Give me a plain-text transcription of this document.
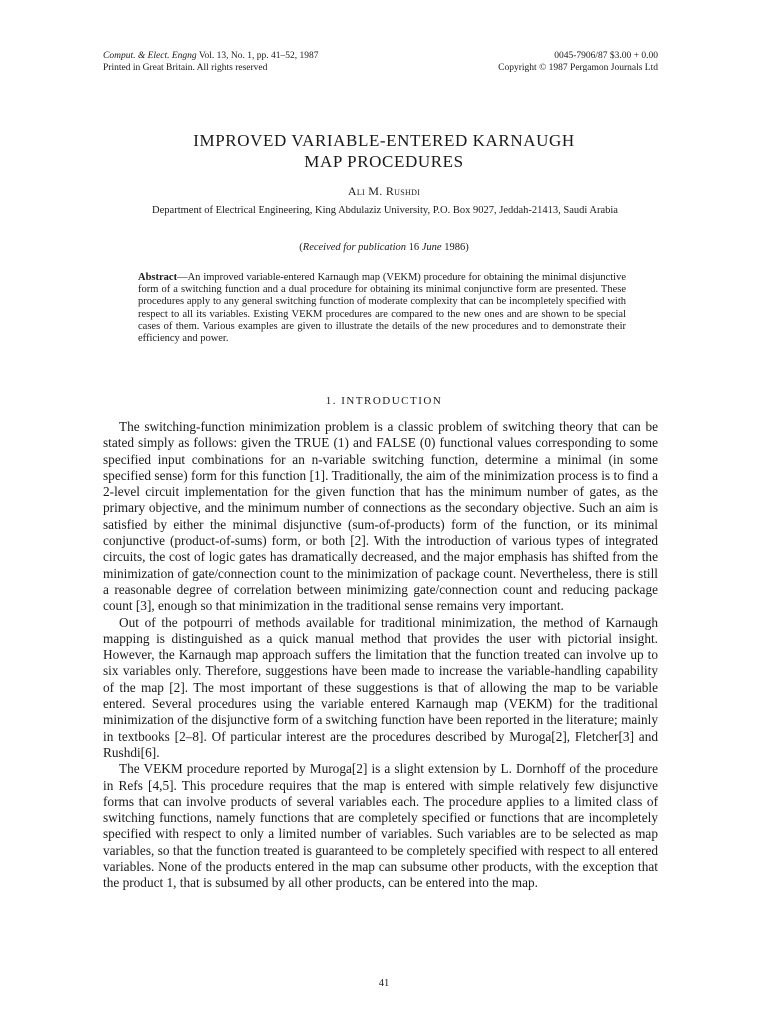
Comput. & Elect. Engng Vol. 13, No. 1, pp. 41–52, 1987
Printed in Great Britain. All rights reserved
0045-7906/87 $3.00 + 0.00
Copyright © 1987 Pergamon Journals Ltd
IMPROVED VARIABLE-ENTERED KARNAUGH
MAP PROCEDURES
Ali M. Rushdi
Department of Electrical Engineering, King Abdulaziz University, P.O. Box 9027, Jeddah-21413, Saudi Arabia
(Received for publication 16 June 1986)
Abstract—An improved variable-entered Karnaugh map (VEKM) procedure for obtaining the minimal disjunctive form of a switching function and a dual procedure for obtaining its minimal conjunctive form are presented. These procedures apply to any general switching function of moderate complexity that can be incompletely specified with respect to all its variables. Existing VEKM procedures are compared to the new ones and are shown to be special cases of them. Various examples are given to illustrate the details of the new procedures and to demonstrate their efficiency and power.
1. INTRODUCTION

The switching-function minimization problem is a classic problem of switching theory that can be stated simply as follows: given the TRUE (1) and FALSE (0) functional values corresponding to some specified input combinations for an n-variable switching function, determine a minimal (in some specified sense) form for this function [1]. Traditionally, the aim of the minimization process is to find a 2-level circuit implementation for the given function that has the minimum number of gates, as the primary objective, and the minimum number of connections as the secondary objective. Such an aim is satisfied by either the minimal disjunctive (sum-of-products) form of the function, or its minimal conjunctive (product-of-sums) form, or both [2]. With the introduction of various types of integrated circuits, the cost of logic gates has dramatically decreased, and the major emphasis has shifted from the minimization of gate/connection count to the minimization of package count. Nevertheless, there is still a reasonable degree of correlation between minimizing gate/connection count and reducing package count [3], enough so that minimization in the traditional sense remains very important.

Out of the potpourri of methods available for traditional minimization, the method of Karnaugh mapping is distinguished as a quick manual method that provides the user with pictorial insight. However, the Karnaugh map approach suffers the limitation that the function treated can involve up to six variables only. Therefore, suggestions have been made to increase the variable-handling capability of the map [2]. The most important of these suggestions is that of allowing the map to be variable entered. Several procedures using the variable entered Karnaugh map (VEKM) for the traditional minimization of the disjunctive form of a switching function have been reported in the literature; mainly in textbooks [2–8]. Of particular interest are the procedures described by Muroga[2], Fletcher[3] and Rushdi[6].

The VEKM procedure reported by Muroga[2] is a slight extension by L. Dornhoff of the procedure in Refs [4,5]. This procedure requires that the map is entered with simple relatively few disjunctive forms that can involve products of several variables each. The procedure applies to a limited class of switching functions, namely functions that are completely specified or functions that are incompletely specified with respect to only a limited number of variables. Such variables are to be selected as map variables, so that the function treated is guaranteed to be completely specified with respect to all entered variables. None of the products entered in the map can subsume other products, with the exception that the product 1, that is subsumed by all other products, can be entered into the map.

41
